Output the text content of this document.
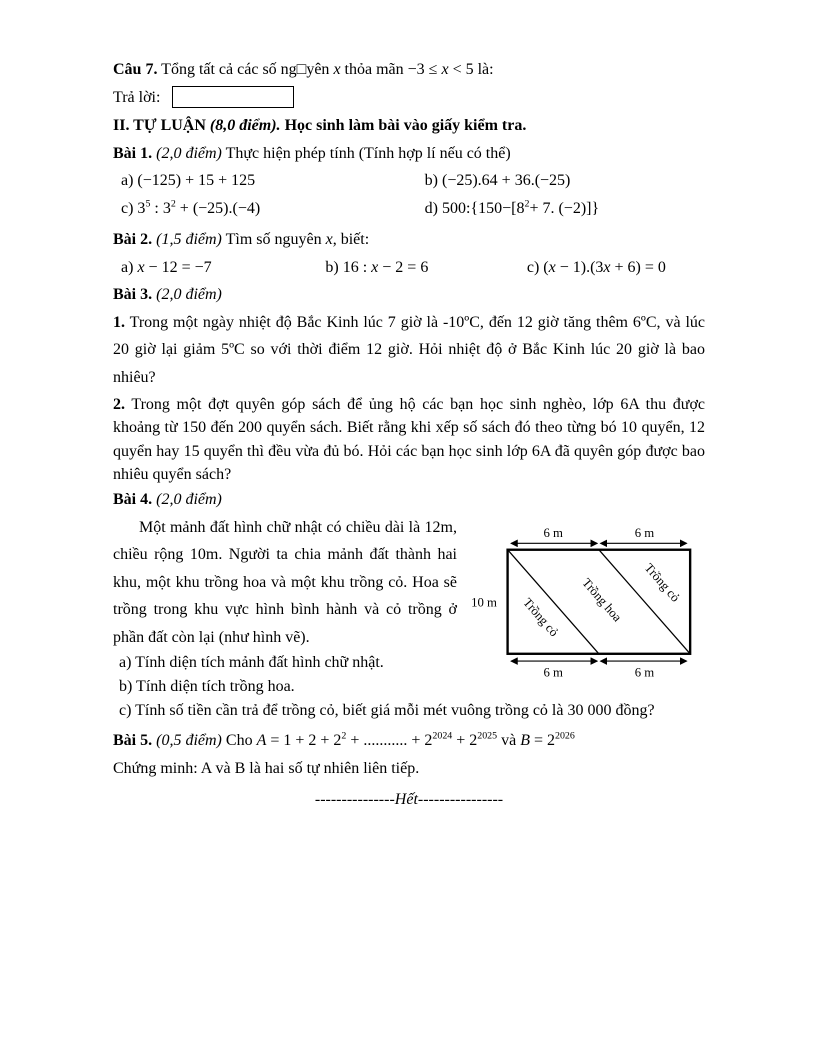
Câu 7. Tổng tất cả các số ng□yên x thỏa mãn −3 ≤ x < 5 là:

Trả lời:

II. TỰ LUẬN (8,0 điểm). Học sinh làm bài vào giấy kiểm tra.

Bài 1. (2,0 điểm) Thực hiện phép tính (Tính hợp lí nếu có thể)

a) (−125) + 15 + 125	b) (−25).64 + 36.(−25)
c) $3^5$ : $3^2 + (-25).(-4)$	d) $500:\{150-[8^2+ 7$. (−2)]}

Bài 2. (1,5 điểm) Tìm số nguyên x, biết:

a) x − 12 = −7	b) 16 : x − 2 = 6	c) (x − 1).(3x + 6) = 0

Bài 3. (2,0 điểm)

1. Trong một ngày nhiệt độ Bắc Kinh lúc 7 giờ là -10ºC, đến 12 giờ tăng thêm 6ºC, và lúc 20 giờ lại giảm 5ºC so với thời điểm 12 giờ. Hỏi nhiệt độ ở Bắc Kinh lúc 20 giờ là bao nhiêu?

2. Trong một đợt quyên góp sách để ủng hộ các bạn học sinh nghèo, lớp 6A thu được khoảng từ 150 đến 200 quyển sách. Biết rằng khi xếp số sách đó theo từng bó 10 quyển, 12 quyển hay 15 quyển thì đều vừa đủ bó. Hỏi các bạn học sinh lớp 6A đã quyên góp được bao nhiêu quyển sách?

Bài 4. (2,0 điểm)

6 m	6 m
10 m Trồng cỏ Trồng hoa Trồng cỏ
6 m	6 m

Một mảnh đất hình chữ nhật có chiều dài là 12m, chiều rộng 10m. Người ta chia mảnh đất thành hai khu, một khu trồng hoa và một khu trồng cỏ. Hoa sẽ trồng trong khu vực hình bình hành và cỏ trồng ở phần đất còn lại (như hình vẽ).

a) Tính diện tích mảnh đất hình chữ nhật.
b) Tính diện tích trồng hoa.
c) Tính số tiền cần trả để trồng cỏ, biết giá mỗi mét vuông trồng cỏ là 30 000 đồng?

Bài 5. (0,5 điểm) Cho $A = 1 + 2 + 2^2$ + ........... + $2^{2024} + 2^{2025}$ và $B = 2^{2026}$

Chứng minh: A và B là hai số tự nhiên liên tiếp.

---------------Hết----------------
